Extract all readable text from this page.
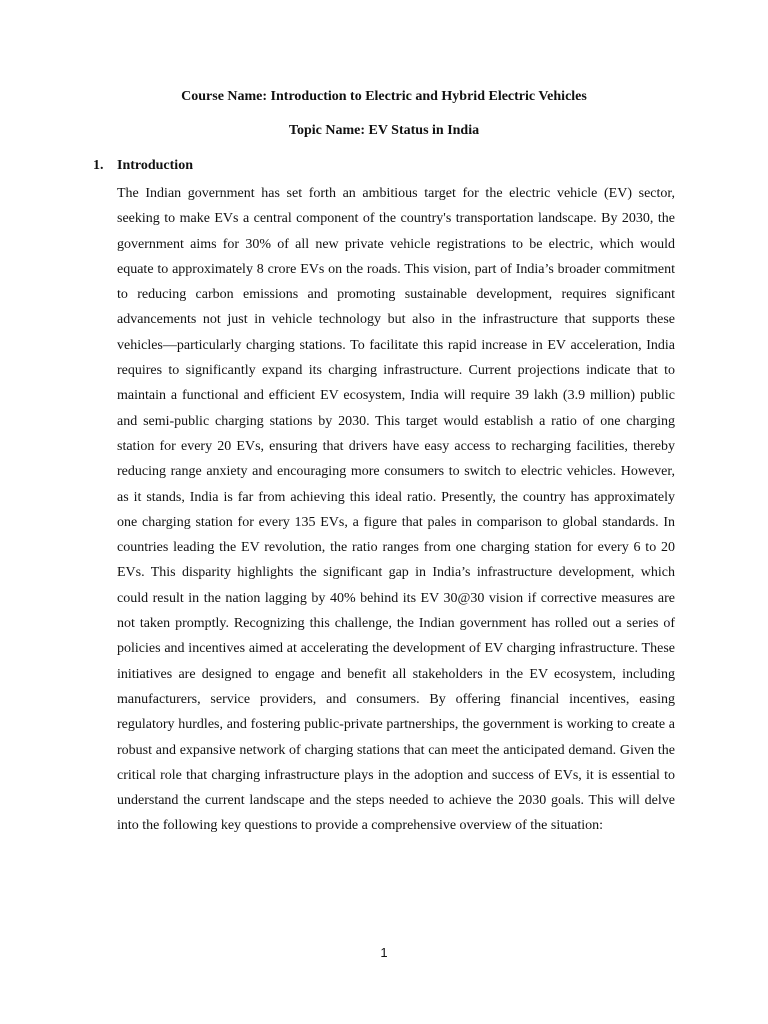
Course Name: Introduction to Electric and Hybrid Electric Vehicles
Topic Name: EV Status in India
1. Introduction

The Indian government has set forth an ambitious target for the electric vehicle (EV) sector, seeking to make EVs a central component of the country's transportation landscape. By 2030, the government aims for 30% of all new private vehicle registrations to be electric, which would equate to approximately 8 crore EVs on the roads. This vision, part of India’s broader commitment to reducing carbon emissions and promoting sustainable development, requires significant advancements not just in vehicle technology but also in the infrastructure that supports these vehicles—particularly charging stations. To facilitate this rapid increase in EV acceleration, India requires to significantly expand its charging infrastructure. Current projections indicate that to maintain a functional and efficient EV ecosystem, India will require 39 lakh (3.9 million) public and semi-public charging stations by 2030. This target would establish a ratio of one charging station for every 20 EVs, ensuring that drivers have easy access to recharging facilities, thereby reducing range anxiety and encouraging more consumers to switch to electric vehicles. However, as it stands, India is far from achieving this ideal ratio. Presently, the country has approximately one charging station for every 135 EVs, a figure that pales in comparison to global standards. In countries leading the EV revolution, the ratio ranges from one charging station for every 6 to 20 EVs. This disparity highlights the significant gap in India’s infrastructure development, which could result in the nation lagging by 40% behind its EV 30@30 vision if corrective measures are not taken promptly. Recognizing this challenge, the Indian government has rolled out a series of policies and incentives aimed at accelerating the development of EV charging infrastructure. These initiatives are designed to engage and benefit all stakeholders in the EV ecosystem, including manufacturers, service providers, and consumers. By offering financial incentives, easing regulatory hurdles, and fostering public-private partnerships, the government is working to create a robust and expansive network of charging stations that can meet the anticipated demand. Given the critical role that charging infrastructure plays in the adoption and success of EVs, it is essential to understand the current landscape and the steps needed to achieve the 2030 goals. This will delve into the following key questions to provide a comprehensive overview of the situation:

1
